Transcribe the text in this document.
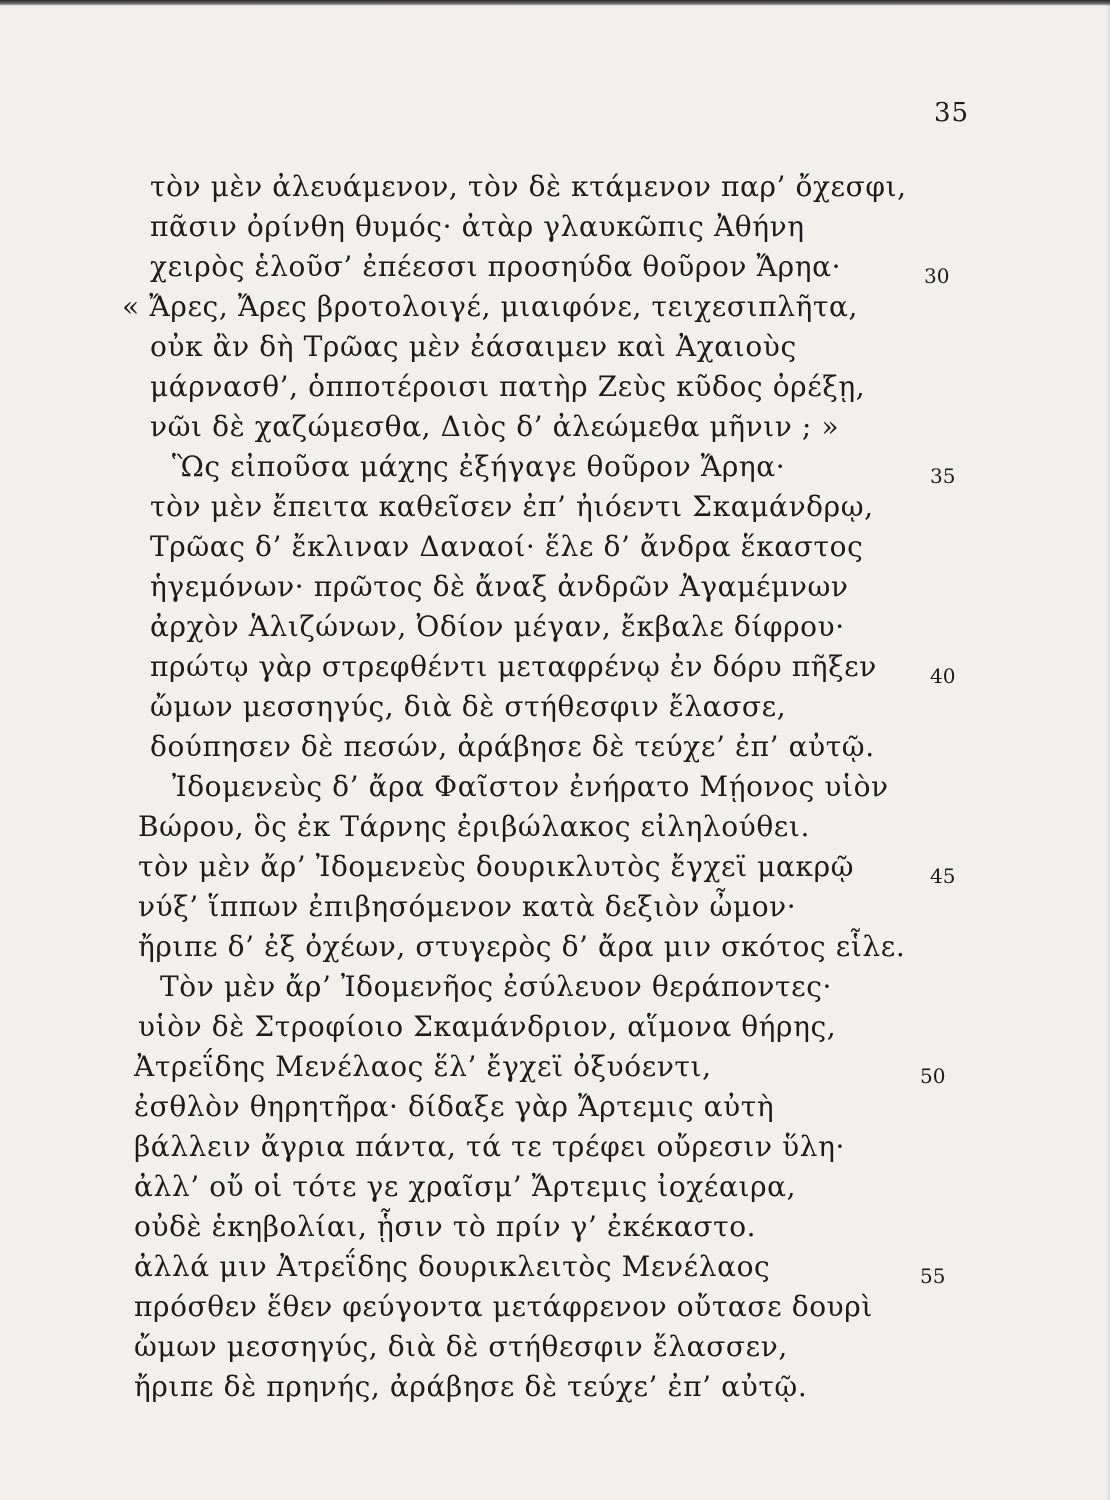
35
τὸν μὲν ἀλευάμενον, τὸν δὲ κτάμενον παρ’ ὄχεσφι,
πᾶσιν ὀρίνθη θυμός· ἀτὰρ γλαυκῶπις Ἀθήνη
χειρὸς ἑλοῦσ’ ἐπέεσσι προσηύδα θοῦρον Ἄρηα·
« Ἄρες, Ἄρες βροτολοιγέ, μιαιφόνε, τειχεσιπλῆτα,
οὐκ ἂν δὴ Τρῶας μὲν ἐάσαιμεν καὶ Ἀχαιοὺς
μάρνασθ’, ὁπποτέροισι πατὴρ Ζεὺς κῦδος ὀρέξῃ,
νῶι δὲ χαζώμεσθα, Διὸς δ’ ἀλεώμεθα μῆνιν ; »
Ὣς εἰποῦσα μάχης ἐξήγαγε θοῦρον Ἄρηα·
τὸν μὲν ἔπειτα καθεῖσεν ἐπ’ ἠιόεντι Σκαμάνδρῳ,
Τρῶας δ’ ἔκλιναν Δαναοί· ἕλε δ’ ἄνδρα ἕκαστος
ἡγεμόνων· πρῶτος δὲ ἄναξ ἀνδρῶν Ἀγαμέμνων
ἀρχὸν Ἁλιζώνων, Ὀδίον μέγαν, ἔκβαλε δίφρου·
πρώτῳ γὰρ στρεφθέντι μεταφρένῳ ἐν δόρυ πῆξεν
ὤμων μεσσηγύς, διὰ δὲ στήθεσφιν ἔλασσε,
δούπησεν δὲ πεσών, ἀράβησε δὲ τεύχε’ ἐπ’ αὐτῷ.
Ἰδομενεὺς δ’ ἄρα Φαῖστον ἐνήρατο Μῄονος υἱὸν
Βώρου, ὃς ἐκ Τάρνης ἐριβώλακος εἰληλούθει.
τὸν μὲν ἄρ’ Ἰδομενεὺς δουρικλυτὸς ἔγχεϊ μακρῷ
νύξ’ ἵππων ἐπιβησόμενον κατὰ δεξιὸν ὦμον·
ἤριπε δ’ ἐξ ὀχέων, στυγερὸς δ’ ἄρα μιν σκότος εἷλε.
Τὸν μὲν ἄρ’ Ἰδομενῆος ἐσύλευον θεράποντες·
υἱὸν δὲ Στροφίοιο Σκαμάνδριον, αἵμονα θήρης,
Ἀτρεΐδης Μενέλαος ἕλ’ ἔγχεϊ ὀξυόεντι,
ἐσθλὸν θηρητῆρα· δίδαξε γὰρ Ἄρτεμις αὐτὴ
βάλλειν ἄγρια πάντα, τά τε τρέφει οὔρεσιν ὕλη·
ἀλλ’ οὔ οἱ τότε γε χραῖσμ’ Ἄρτεμις ἰοχέαιρα,
οὐδὲ ἑκηβολίαι, ᾗσιν τὸ πρίν γ’ ἐκέκαστο.
ἀλλά μιν Ἀτρεΐδης δουρικλειτὸς Μενέλαος
πρόσθεν ἕθεν φεύγοντα μετάφρενον οὔτασε δουρὶ
ὤμων μεσσηγύς, διὰ δὲ στήθεσφιν ἔλασσεν,
ἤριπε δὲ πρηνής, ἀράβησε δὲ τεύχε’ ἐπ’ αὐτῷ.
30
35
40
45
50
55
